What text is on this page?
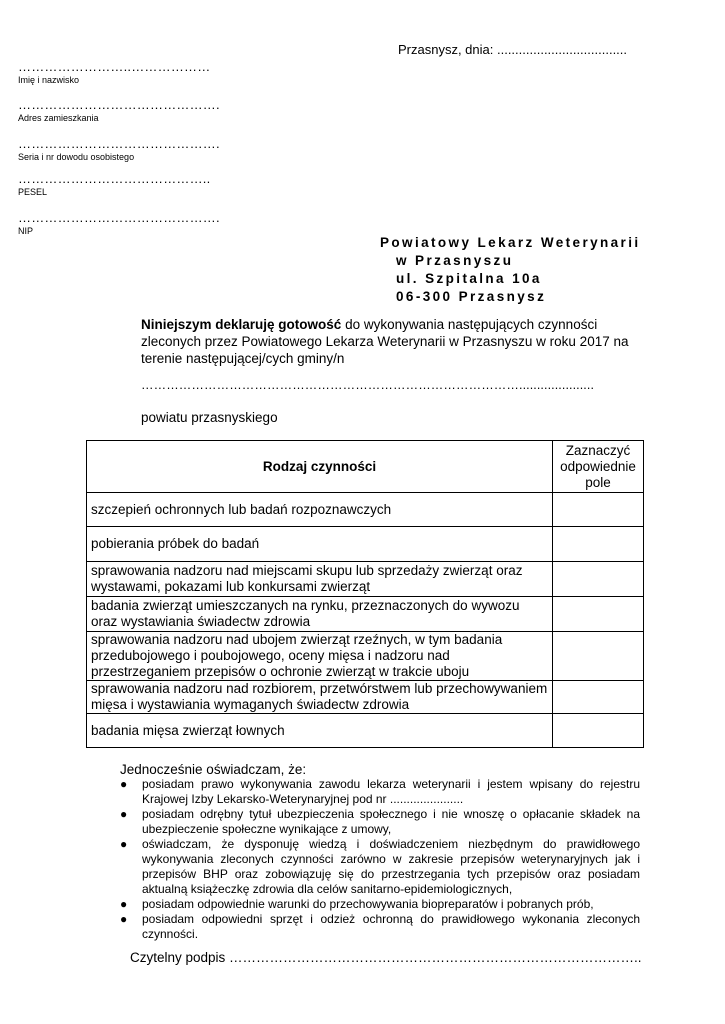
Przasnysz, dnia: ....................................
……………………..………………
Imię i nazwisko
……………………………………….
Adres zamieszkania
……………………………………….
Seria i nr dowodu osobistego
……………………………………..
PESEL
……………………………………….
NIP
Powiatowy Lekarz Weterynarii
w Przasnyszu
ul. Szpitalna 10a
06-300 Przasnysz
Niniejszym deklaruję gotowość do wykonywania następujących czynności zleconych przez Powiatowego Lekarza Weterynarii w Przasnyszu w roku 2017 na terenie następującej/cych gminy/n
……………………………………………………………………………….....................
powiatu przasnyskiego
Rodzaj czynności	Zaznaczyć odpowiednie pole
szczepień ochronnych lub badań rozpoznawczych	
pobierania próbek do badań	
sprawowania nadzoru nad miejscami skupu lub sprzedaży zwierząt oraz wystawami, pokazami lub konkursami zwierząt	
badania zwierząt umieszczanych na rynku, przeznaczonych do wywozu oraz wystawiania świadectw zdrowia	
sprawowania nadzoru nad ubojem zwierząt rzeźnych, w tym badania przedubojowego i poubojowego, oceny mięsa i nadzoru nad przestrzeganiem przepisów o ochronie zwierząt w trakcie uboju	
sprawowania nadzoru nad rozbiorem, przetwórstwem lub przechowywaniem mięsa i wystawiania wymaganych świadectw zdrowia	
badania mięsa zwierząt łownych	
Jednocześnie oświadczam, że:
● posiadam prawo wykonywania zawodu lekarza weterynarii i jestem wpisany do rejestru Krajowej Izby Lekarsko-Weterynaryjnej pod nr ......................
● posiadam odrębny tytuł ubezpieczenia społecznego i nie wnoszę o opłacanie składek na ubezpieczenie społeczne wynikające z umowy,
● oświadczam, że dysponuję wiedzą i doświadczeniem niezbędnym do prawidłowego wykonywania zleconych czynności zarówno w zakresie przepisów weterynaryjnych jak i przepisów BHP oraz zobowiązuję się do przestrzegania tych przepisów oraz posiadam aktualną książeczkę zdrowia dla celów sanitarno-epidemiologicznych,
● posiadam odpowiednie warunki do przechowywania biopreparatów i pobranych prób,
● posiadam odpowiedni sprzęt i odzież ochronną do prawidłowego wykonania zleconych czynności.
Czytelny podpis ………………………………………………………………………………..
